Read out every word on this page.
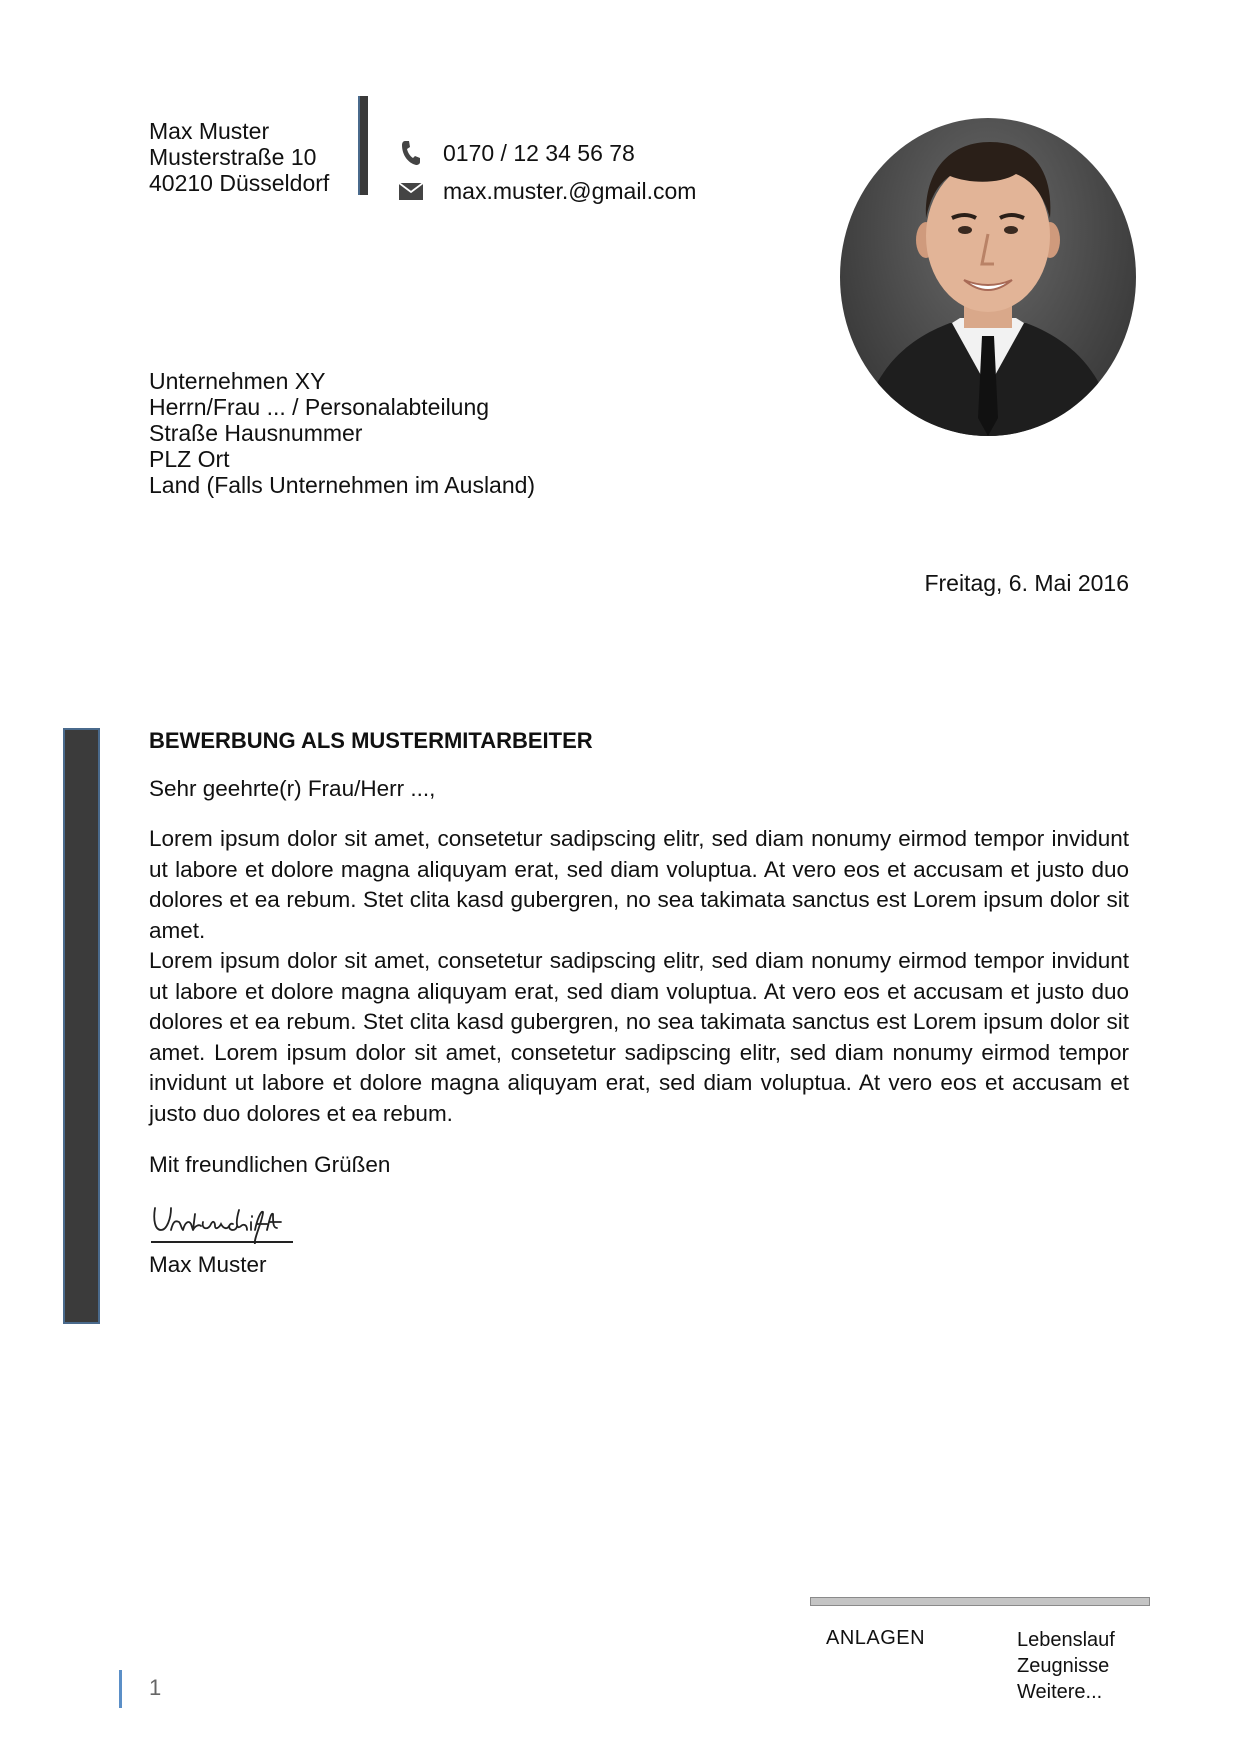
Max Muster
Musterstraße 10
40210 Düsseldorf
0170 / 12 34 56 78
max.muster.@gmail.com
Unternehmen XY
Herrn/Frau ... / Personalabteilung
Straße Hausnummer
PLZ Ort
Land (Falls Unternehmen im Ausland)
Freitag, 6. Mai 2016
BEWERBUNG ALS MUSTERMITARBEITER
Sehr geehrte(r) Frau/Herr ...,

Lorem ipsum dolor sit amet, consetetur sadipscing elitr, sed diam nonumy eirmod tempor invidunt ut labore et dolore magna aliquyam erat, sed diam voluptua. At vero eos et accusam et justo duo dolores et ea rebum. Stet clita kasd gubergren, no sea takimata sanctus est Lorem ipsum dolor sit amet.

Lorem ipsum dolor sit amet, consetetur sadipscing elitr, sed diam nonumy eirmod tempor invidunt ut labore et dolore magna aliquyam erat, sed diam voluptua. At vero eos et accusam et justo duo dolores et ea rebum. Stet clita kasd gubergren, no sea takimata sanctus est Lorem ipsum dolor sit amet. Lorem ipsum dolor sit amet, consetetur sadipscing elitr, sed diam nonumy eirmod tempor invidunt ut labore et dolore magna aliquyam erat, sed diam voluptua. At vero eos et accusam et justo duo dolores et ea rebum.

Mit freundlichen Grüßen
Max Muster
ANLAGEN	Lebenslauf
Zeugnisse
Weitere...
1
